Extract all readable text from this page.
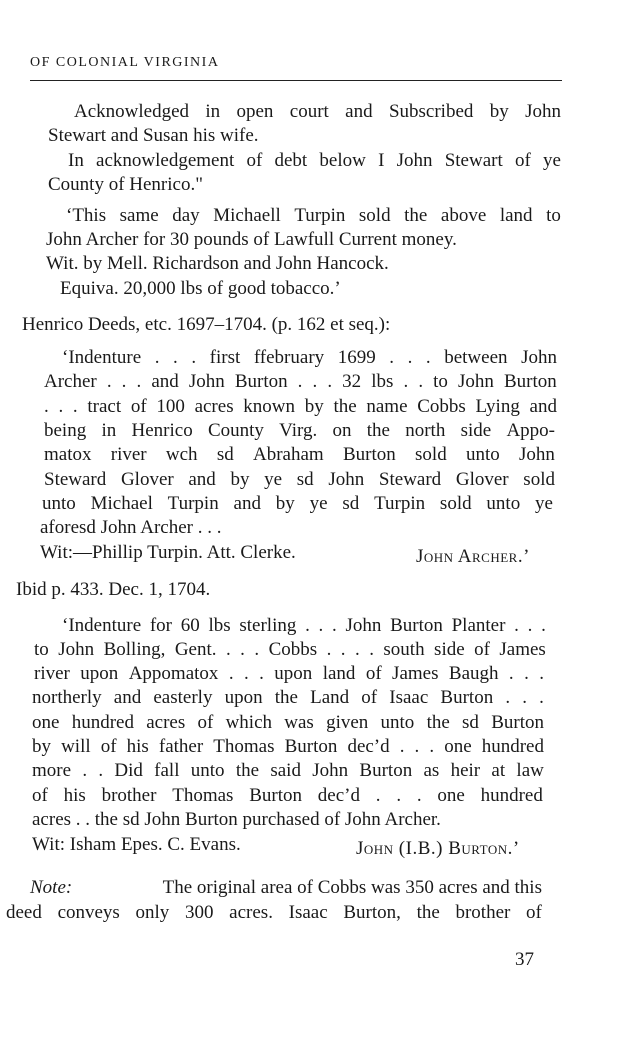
OF COLONIAL VIRGINIA
Acknowledged in open court and Subscribed by John
Stewart and Susan his wife.
In acknowledgement of debt below I John Stewart of ye
County of Henrico."
‘This same day Michaell Turpin sold the above land to
John Archer for 30 pounds of Lawfull Current money.
Wit. by Mell. Richardson and John Hancock.
Equiva. 20,000 lbs of good tobacco.’
Henrico Deeds, etc. 1697–1704. (p. 162 et seq.):
‘Indenture . . . first ffebruary 1699 . . . between John
Archer . . . and John Burton . . . 32 lbs . . to John Burton
. . . tract of 100 acres known by the name Cobbs Lying and
being in Henrico County Virg. on the north side Appo-
matox river wch sd Abraham Burton sold unto John
Steward Glover and by ye sd John Steward Glover sold
unto Michael Turpin and by ye sd Turpin sold unto ye
aforesd John Archer . . .
Wit:—Phillip Turpin. Att. Clerke.	John Archer.’
Ibid p. 433. Dec. 1, 1704.
‘Indenture for 60 lbs sterling . . . John Burton Planter . . .
to John Bolling, Gent. . . . Cobbs . . . . south side of James
river upon Appomatox . . . upon land of James Baugh . . .
northerly and easterly upon the Land of Isaac Burton . . .
one hundred acres of which was given unto the sd Burton
by will of his father Thomas Burton dec’d . . . one hundred
more . . Did fall unto the said John Burton as heir at law
of his brother Thomas Burton dec’d . . . one hundred
acres . . the sd John Burton purchased of John Archer.
Wit: Isham Epes. C. Evans.	John (I.B.) Burton.’
Note:	The original area of Cobbs was 350 acres and this
deed conveys only 300 acres. Isaac Burton, the brother of
37
